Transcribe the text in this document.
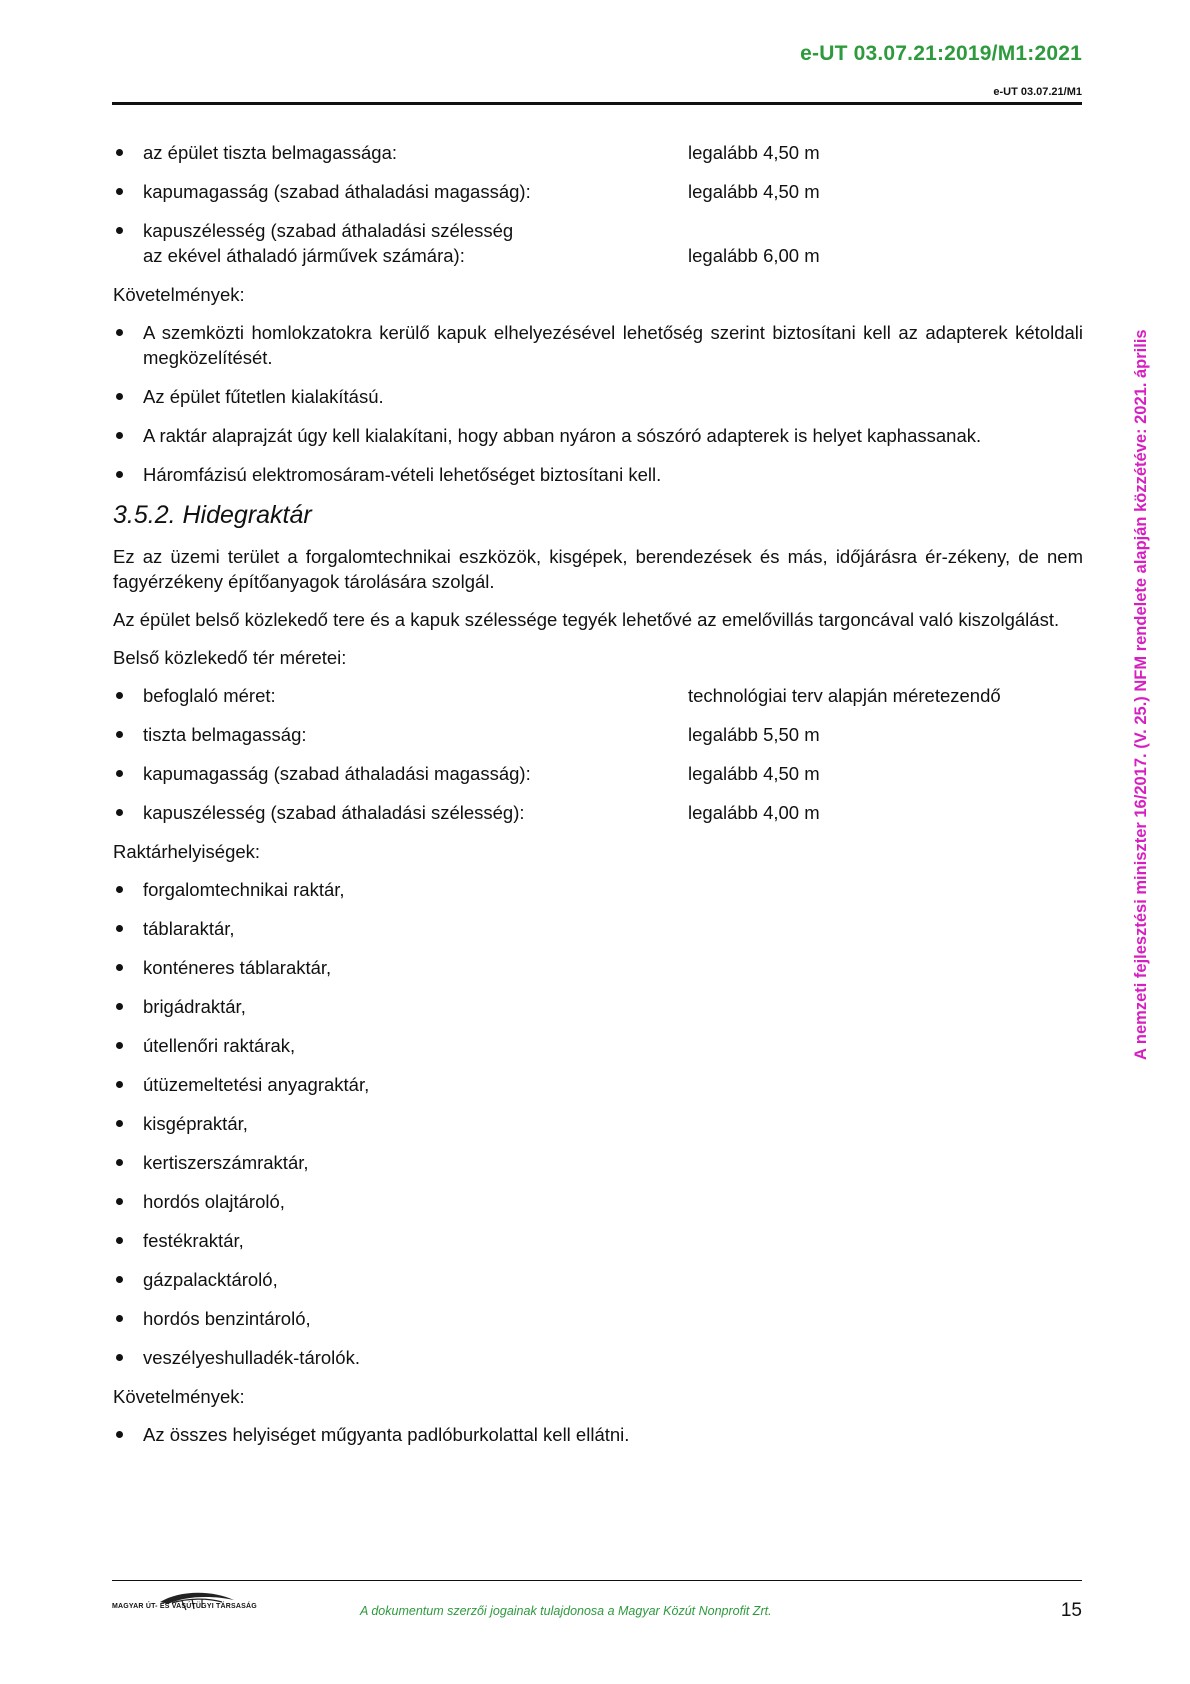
e-UT 03.07.21:2019/M1:2021
e-UT 03.07.21/M1
A nemzeti fejlesztési miniszter 16/2017. (V. 25.) NFM rendelete alapján közzétéve: 2021. április
az épület tiszta belmagassága:	legalább 4,50 m
kapumagasság (szabad áthaladási magasság):	legalább 4,50 m
kapuszélesség (szabad áthaladási szélesség
az ekével áthaladó járművek számára):	legalább 6,00 m

Követelmények:

A szemközti homlokzatokra kerülő kapuk elhelyezésével lehetőség szerint biztosítani kell az adapterek kétoldali megközelítését.
Az épület fűtetlen kialakítású.
A raktár alaprajzát úgy kell kialakítani, hogy abban nyáron a sószóró adapterek is helyet kaphassanak.
Háromfázisú elektromosáram-vételi lehetőséget biztosítani kell.
3.5.2. Hidegraktár

Ez az üzemi terület a forgalomtechnikai eszközök, kisgépek, berendezések és más, időjárásra ér-zékeny, de nem fagyérzékeny építőanyagok tárolására szolgál.

Az épület belső közlekedő tere és a kapuk szélessége tegyék lehetővé az emelővillás targoncával való kiszolgálást.

Belső közlekedő tér méretei:

befoglaló méret:	technológiai terv alapján méretezendő
tiszta belmagasság:	legalább 5,50 m
kapumagasság (szabad áthaladási magasság):	legalább 4,50 m
kapuszélesség (szabad áthaladási szélesség):	legalább 4,00 m

Raktárhelyiségek:

forgalomtechnikai raktár,
táblaraktár,
konténeres táblaraktár,
brigádraktár,
útellenőri raktárak,
útüzemeltetési anyagraktár,
kisgépraktár,
kertiszerszámraktár,
hordós olajtároló,
festékraktár,
gázpalacktároló,
hordós benzintároló,
veszélyeshulladék-tárolók.

Követelmények:

Az összes helyiséget műgyanta padlóburkolattal kell ellátni.
MAGYAR ÚT- ÉS VASÚTÜGYI TÁRSASÁG	A dokumentum szerzői jogainak tulajdonosa a Magyar Közút Nonprofit Zrt.	15
